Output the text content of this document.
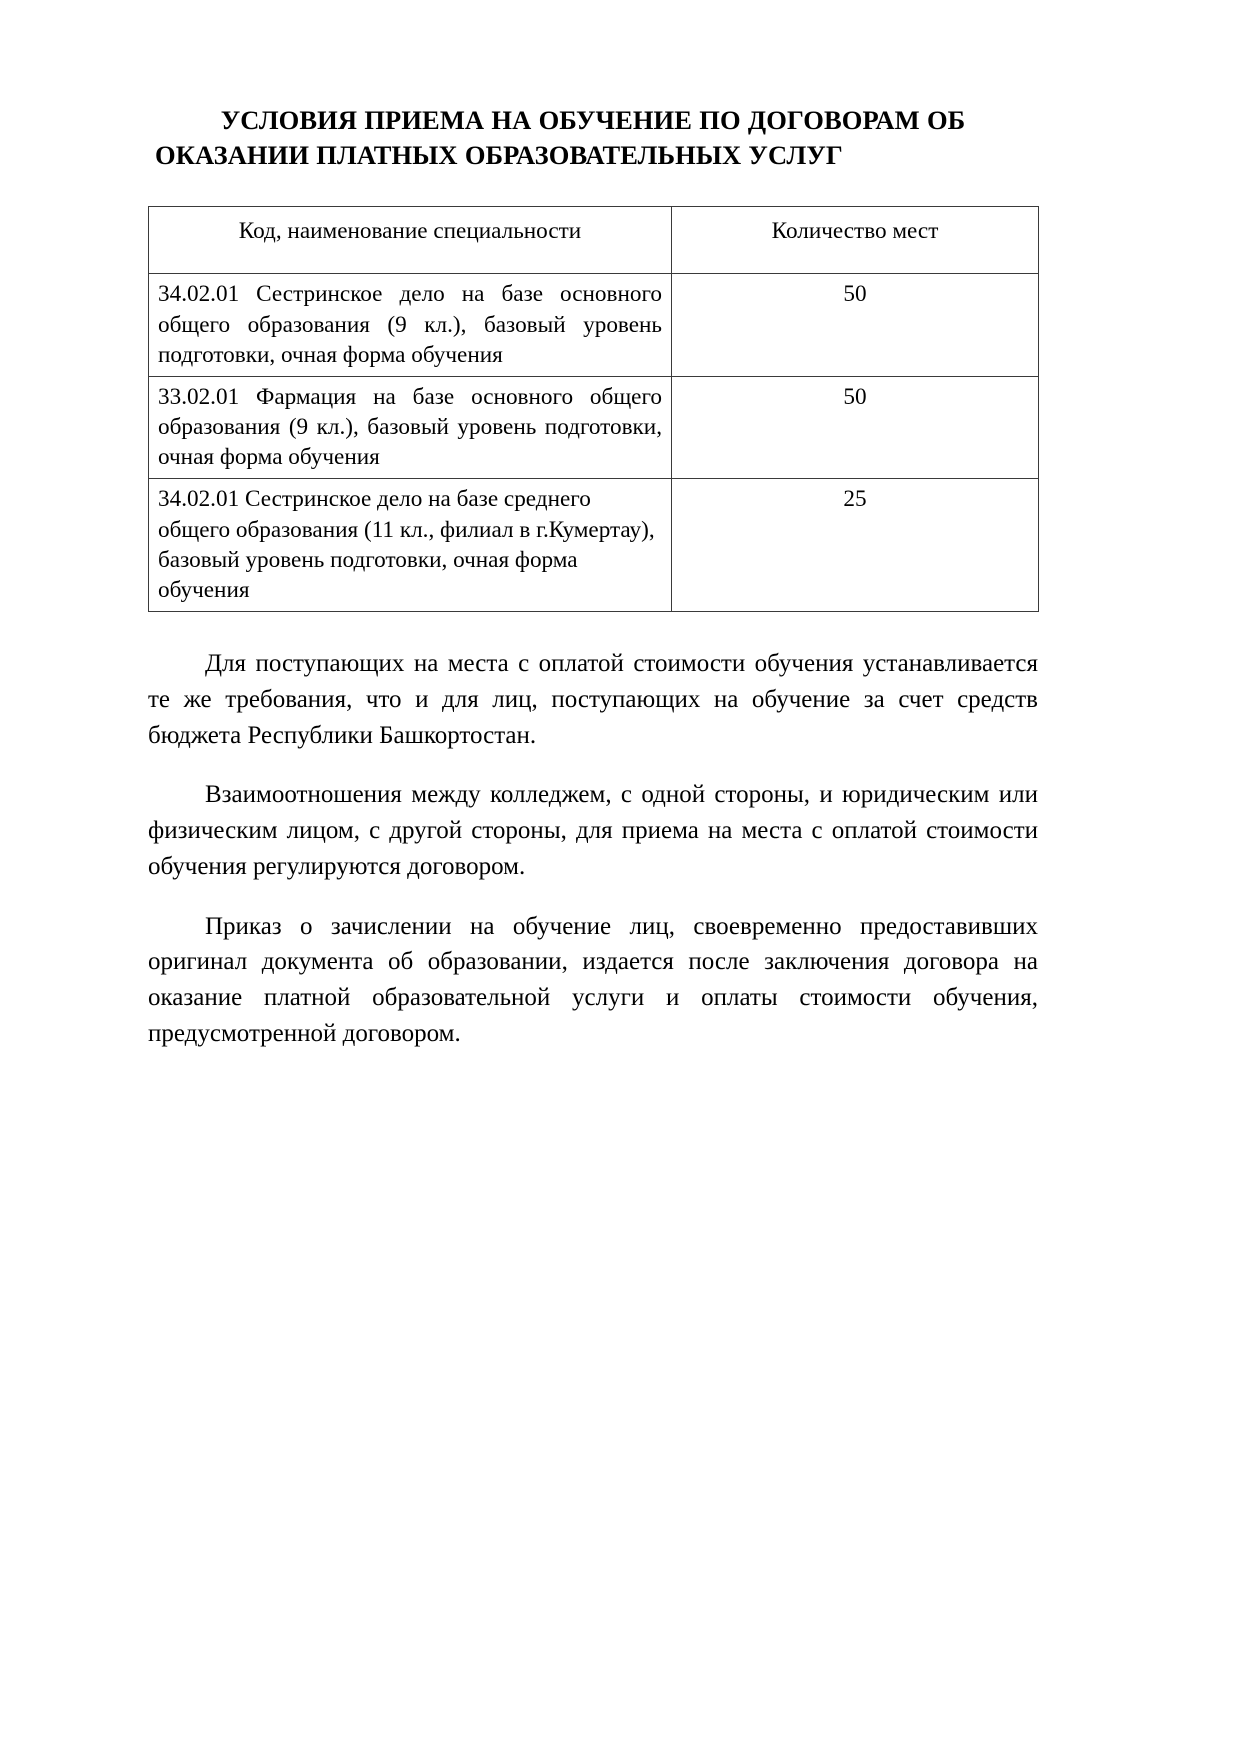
УСЛОВИЯ ПРИЕМА НА ОБУЧЕНИЕ ПО ДОГОВОРАМ ОБ
ОКАЗАНИИ ПЛАТНЫХ ОБРАЗОВАТЕЛЬНЫХ УСЛУГ
Код, наименование специальности	Количество мест
34.02.01 Сестринское дело на базе основного общего образования (9 кл.), базовый уровень подготовки, очная форма обучения	50
33.02.01 Фармация на базе основного общего образования (9 кл.), базовый уровень подготовки, очная форма обучения	50
34.02.01 Сестринское дело на базе среднего общего образования (11 кл., филиал в г.Кумертау), базовый уровень подготовки, очная форма обучения	25

Для поступающих на места с оплатой стоимости обучения устанавливается те же требования, что и для лиц, поступающих на обучение за счет средств бюджета Республики Башкортостан.

Взаимоотношения между колледжем, с одной стороны, и юридическим или физическим лицом, с другой стороны, для приема на места с оплатой стоимости обучения регулируются договором.

Приказ о зачислении на обучение лиц, своевременно предоставивших оригинал документа об образовании, издается после заключения договора на оказание платной образовательной услуги и оплаты стоимости обучения, предусмотренной договором.
